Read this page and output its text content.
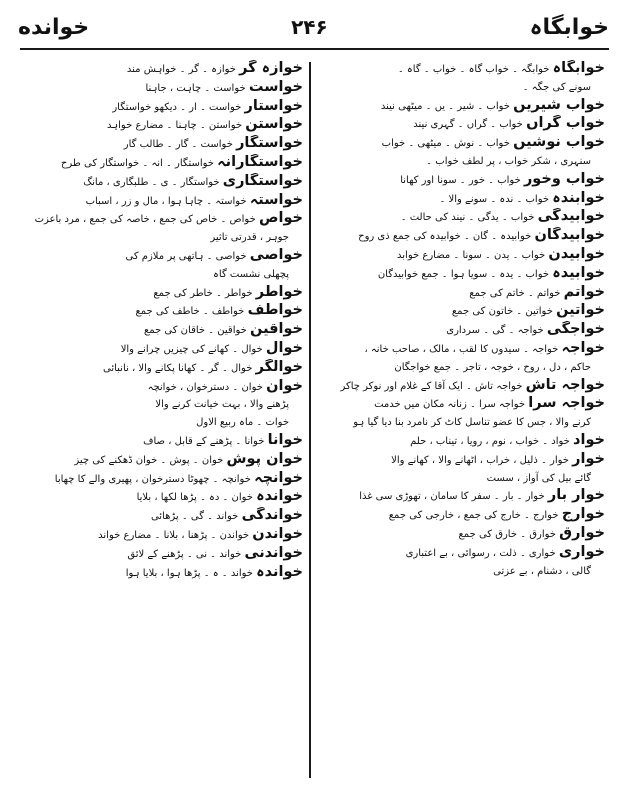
خوانده	۲۴۶	خوابگاہ

خوابگاہ خوابگہ ۔ خواب گاہ ۔ خواب ۔ گاہ ۔

سونے کی جگہ ۔

خواب شیریں خواب ۔ شیر ۔ یں ۔ میٹھی نیند

خواب گراں خواب ۔ گراں ۔ گہری نیند

خواب نوشیں خواب ۔ نوش ۔ میٹھی ۔ خواب

سنہری ، شکر خواب ، پر لطف خواب ۔

خواب وخور خواب ۔ خور ۔ سونا اور کھانا

خوابندہ خواب ۔ ندہ ۔ سونے والا ۔

خوابیدگی خواب ۔ یدگی ۔ نیند کی حالت ۔

خوابیدگان خوابیدہ ۔ گان ۔ خوابیدہ کی جمع ذی روح

خوابیدن خواب ۔ یدن ۔ سونا ۔ مضارع خوابد

خوابیدہ خواب ۔ یدہ ۔ سویا ہوا ۔ جمع خوابیدگان

خواتم خواتم ۔ خاتم کی جمع

خواتین خواتین ۔ خاتون کی جمع

خواجگی خواجہ ۔ گی ۔ سرداری

خواجہ خواجہ ۔ سیدوں کا لقب ، مالک ، صاحب خانہ ،

حاکم ، دل ، روح ، خوجہ ، تاجر ۔ جمع خواجگان

خواجہ تاش خواجہ تاش ۔ ایک آقا کے غلام اور نوکر چاکر

خواجہ سرا خواجہ سرا ۔ زنانہ مکان میں خدمت

کرنے والا ، جس کا عضو تناسل کاٹ کر نامرد بنا دیا گیا ہو

خواد خواد ۔ خواب ، نوم ، رویا ، تیناب ، حلم

خوار خوار ۔ ذلیل ، خراب ، اٹھانے والا ، کھانے والا

گائے بیل کی آواز ، سست

خوار بار خوار ۔ بار ۔ سفر کا سامان ، تھوڑی سی غذا

خوارج خوارج ۔ خارج کی جمع ، خارجی کی جمع

خوارق خوارق ۔ خارق کی جمع

خواری خواری ۔ ذلت ، رسوائی ، بے اعتباری

گالی ، دشنام ، بے عزتی

خوازہ گر خوازہ ۔ گر ۔ خواہش مند

خواست خواست ۔ چاہت ، جاہنا

خواستار خواست ۔ ار ۔ دیکھو خواستگار

خواستن خواستن ۔ چاہنا ۔ مضارع خواہد

خواستگار خواست ۔ گار ۔ طالب گار

خواستگارانہ خواستگار ۔ انہ ۔ خواستگار کی طرح

خواستگاری خواستگار ۔ ی ۔ طلبگاری ، مانگ

خواستہ خواستہ ۔ چاہا ہوا ، مال و زر ، اسباب

خواص خواص ۔ خاص کی جمع ، خاصہ کی جمع ، مرد باعزت

جوہر ، قدرتی تاثیر

خواصی خواصی ۔ ہاتھی پر ملازم کی

پچھلی نشست گاہ

خواطر خواطر ۔ خاطر کی جمع

خواطف خواطف ۔ خاطف کی جمع

خواقین خواقین ۔ خاقان کی جمع

خوال خوال ۔ کھانے کی چیزیں چرانے والا

خوالگر خوال ۔ گر ۔ کھانا پکانے والا ، نانبائی

خوان خوان ۔ دسترخوان ، خوانچہ

پڑھنے والا ، بہت خیانت کرنے والا

خوات ۔ ماہ ربیع الاول

خوانا خوانا ۔ پڑھنے کے قابل ، صاف

خوان پوش خوان ۔ پوش ۔ خوان ڈھکنے کی چیز

خوانچہ خوانچہ ۔ چھوٹا دسترخوان ، پھیری والے کا چھابا

خواندہ خوان ۔ دہ ۔ پڑھا لکھا ، بلایا

خواندگی خواند ۔ گی ۔ پڑھائی

خواندن خواندن ۔ پڑھنا ، بلانا ۔ مضارع خواند

خواندنی خواند ۔ نی ۔ پڑھنے کے لائق

خواندہ خواند ۔ ہ ۔ پڑھا ہوا ، بلایا ہوا
